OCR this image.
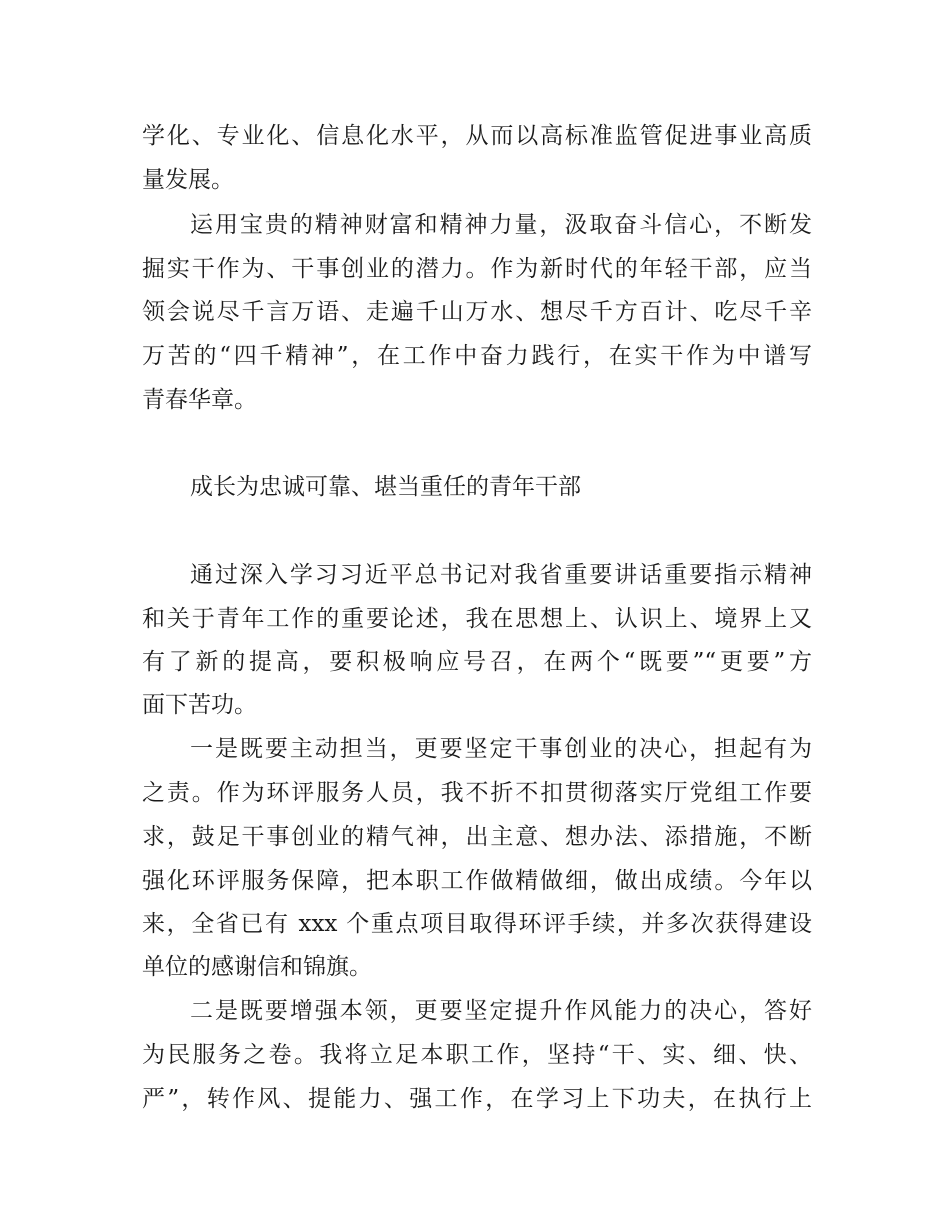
学化、专业化、信息化水平，从而以高标准监管促进事业高质

量发展。

运用宝贵的精神财富和精神力量，汲取奋斗信心，不断发

掘实干作为、干事创业的潜力。作为新时代的年轻干部，应当

领会说尽千言万语、走遍千山万水、想尽千方百计、吃尽千辛

万苦的“四千精神”，在工作中奋力践行，在实干作为中谱写

青春华章。

成长为忠诚可靠、堪当重任的青年干部

通过深入学习习近平总书记对我省重要讲话重要指示精神

和关于青年工作的重要论述，我在思想上、认识上、境界上又

有了新的提高，要积极响应号召，在两个“既要”“更要”方

面下苦功。

一是既要主动担当，更要坚定干事创业的决心，担起有为

之责。作为环评服务人员，我不折不扣贯彻落实厅党组工作要

求，鼓足干事创业的精气神，出主意、想办法、添措施，不断

强化环评服务保障，把本职工作做精做细，做出成绩。今年以

来，全省已有 xxx 个重点项目取得环评手续，并多次获得建设

单位的感谢信和锦旗。

二是既要增强本领，更要坚定提升作风能力的决心，答好

为民服务之卷。我将立足本职工作，坚持“干、实、细、快、

严”，转作风、提能力、强工作，在学习上下功夫，在执行上
